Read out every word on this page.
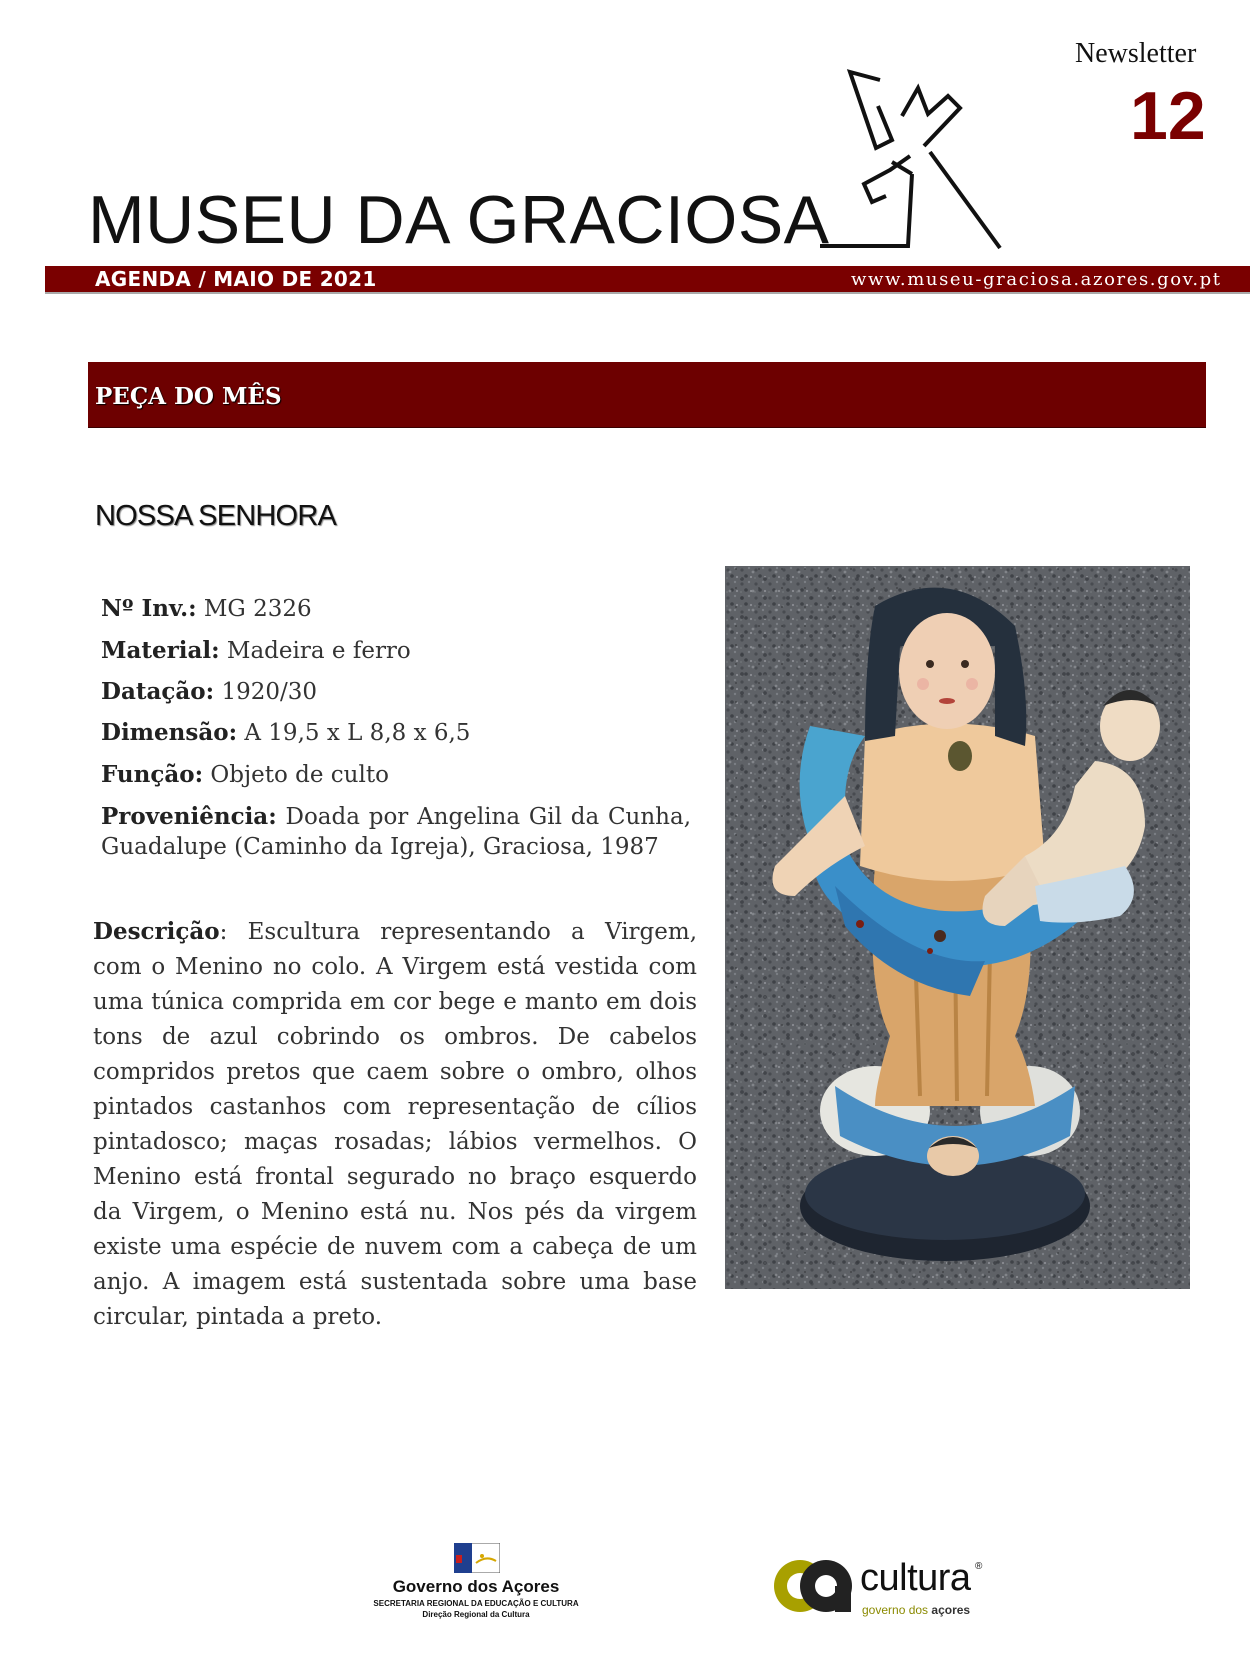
Newsletter
12
MUSEU DA GRACIOSA
AGENDA / MAIO DE 2021	www.museu-graciosa.azores.gov.pt
PEÇA DO MÊS
NOSSA SENHORA
Nº Inv.: MG 2326
Material: Madeira e ferro
Datação: 1920/30
Dimensão: A 19,5 x L 8,8 x 6,5
Função: Objeto de culto
Proveniência: Doada por Angelina Gil da Cunha, Guadalupe (Caminho da Igreja), Graciosa, 1987
Descrição: Escultura representando a Virgem, com o Menino no colo. A Virgem está vestida com uma túnica comprida em cor bege e manto em dois tons de azul cobrindo os ombros. De cabelos compridos pretos que caem sobre o ombro, olhos pintados castanhos com representação de cílios pintadosco; maças rosadas; lábios vermelhos. O Menino está frontal segurado no braço esquerdo da Virgem, o Menino está nu. Nos pés da virgem existe uma espécie de nuvem com a cabeça de um anjo. A imagem está sustentada sobre uma base circular, pintada a preto.
Governo dos Açores
SECRETARIA REGIONAL DA EDUCAÇÃO E CULTURA
Direção Regional da Cultura
cultura ®
governo dos açores
